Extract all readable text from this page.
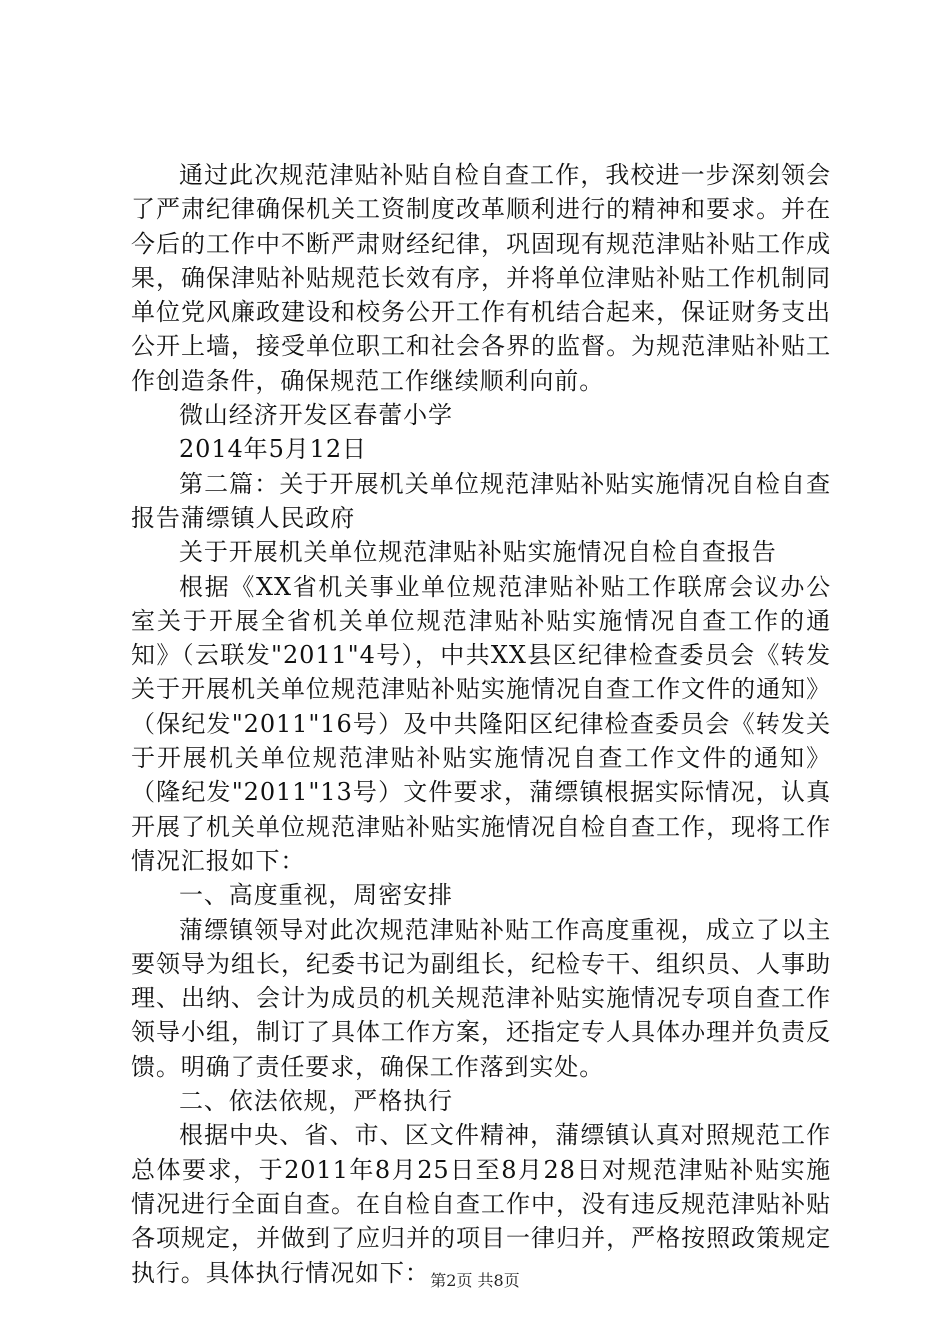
通过此次规范津贴补贴自检自查工作，我校进一步深刻领会了严肃纪律确保机关工资制度改革顺利进行的精神和要求。并在今后的工作中不断严肃财经纪律，巩固现有规范津贴补贴工作成果，确保津贴补贴规范长效有序，并将单位津贴补贴工作机制同单位党风廉政建设和校务公开工作有机结合起来，保证财务支出公开上墙，接受单位职工和社会各界的监督。为规范津贴补贴工作创造条件，确保规范工作继续顺利向前。

微山经济开发区春蕾小学

2014年5月12日

第二篇：关于开展机关单位规范津贴补贴实施情况自检自查报告蒲缥镇人民政府

关于开展机关单位规范津贴补贴实施情况自检自查报告

根据《XX省机关事业单位规范津贴补贴工作联席会议办公室关于开展全省机关单位规范津贴补贴实施情况自查工作的通知》（云联发"2011"4号），中共XX县区纪律检查委员会《转发关于开展机关单位规范津贴补贴实施情况自查工作文件的通知》（保纪发"2011"16号）及中共隆阳区纪律检查委员会《转发关于开展机关单位规范津贴补贴实施情况自查工作文件的通知》（隆纪发"2011"13号）文件要求，蒲缥镇根据实际情况，认真开展了机关单位规范津贴补贴实施情况自检自查工作，现将工作情况汇报如下：

一、高度重视，周密安排

蒲缥镇领导对此次规范津贴补贴工作高度重视，成立了以主要领导为组长，纪委书记为副组长，纪检专干、组织员、人事助理、出纳、会计为成员的机关规范津补贴实施情况专项自查工作领导小组，制订了具体工作方案，还指定专人具体办理并负责反馈。明确了责任要求，确保工作落到实处。

二、依法依规，严格执行

根据中央、省、市、区文件精神，蒲缥镇认真对照规范工作总体要求，于2011年8月25日至8月28日对规范津贴补贴实施情况进行全面自查。在自检自查工作中，没有违反规范津贴补贴各项规定，并做到了应归并的项目一律归并，严格按照政策规定执行。具体执行情况如下： 第2页 共8页
